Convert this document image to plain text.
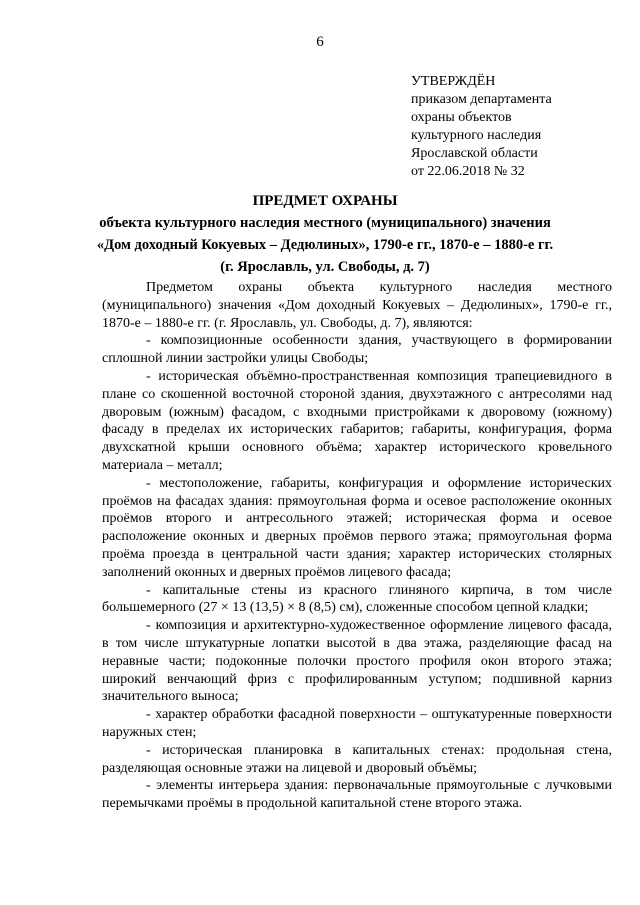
6
УТВЕРЖДЁН
приказом департамента
охраны объектов
культурного наследия
Ярославской области
от 22.06.2018 № 32
ПРЕДМЕТ ОХРАНЫ
объекта культурного наследия местного (муниципального) значения
«Дом доходный Кокуевых – Дедюлиных», 1790-е гг., 1870-е – 1880-е гг.
(г. Ярославль, ул. Свободы, д. 7)

Предметом охраны объекта культурного наследия местного (муниципального) значения «Дом доходный Кокуевых – Дедюлиных», 1790-е гг., 1870-е – 1880-е гг. (г. Ярославль, ул. Свободы, д. 7), являются:

- композиционные особенности здания, участвующего в формировании сплошной линии застройки улицы Свободы;

- историческая объёмно-пространственная композиция трапециевидного в плане со скошенной восточной стороной здания, двухэтажного с антресолями над дворовым (южным) фасадом, с входными пристройками к дворовому (южному) фасаду в пределах их исторических габаритов; габариты, конфигурация, форма двухскатной крыши основного объёма; характер исторического кровельного материала – металл;

- местоположение, габариты, конфигурация и оформление исторических проёмов на фасадах здания: прямоугольная форма и осевое расположение оконных проёмов второго и антресольного этажей; историческая форма и осевое расположение оконных и дверных проёмов первого этажа; прямоугольная форма проёма проезда в центральной части здания; характер исторических столярных заполнений оконных и дверных проёмов лицевого фасада;

- капитальные стены из красного глиняного кирпича, в том числе большемерного (27 × 13 (13,5) × 8 (8,5) см), сложенные способом цепной кладки;

- композиция и архитектурно-художественное оформление лицевого фасада, в том числе штукатурные лопатки высотой в два этажа, разделяющие фасад на неравные части; подоконные полочки простого профиля окон второго этажа; широкий венчающий фриз с профилированным уступом; подшивной карниз значительного выноса;

- характер обработки фасадной поверхности – оштукатуренные поверхности наружных стен;

- историческая планировка в капитальных стенах: продольная стена, разделяющая основные этажи на лицевой и дворовый объёмы;

- элементы интерьера здания: первоначальные прямоугольные с лучковыми перемычками проёмы в продольной капитальной стене второго этажа.
